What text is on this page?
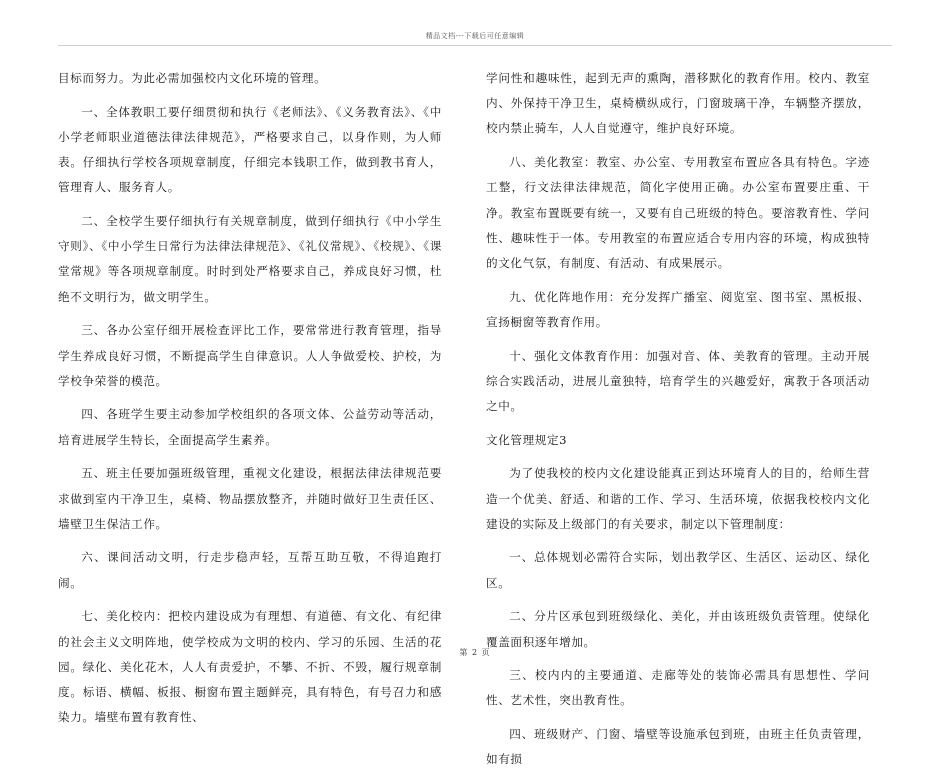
精品文档---下载后可任意编辑

目标而努力。为此必需加强校内文化环境的管理。

一、全体教职工要仔细贯彻和执行《老师法》、《义务教育法》、《中小学老师职业道德法律法律规范》，严格要求自己，以身作则，为人师表。仔细执行学校各项规章制度，仔细完本钱职工作，做到教书育人，管理育人、服务育人。

二、全校学生要仔细执行有关规章制度，做到仔细执行《中小学生守则》、《中小学生日常行为法律法律规范》、《礼仪常规》、《校规》、《课堂常规》等各项规章制度。时时到处严格要求自己，养成良好习惯，杜绝不文明行为，做文明学生。

三、各办公室仔细开展检查评比工作，要常常进行教育管理，指导学生养成良好习惯，不断提高学生自律意识。人人争做爱校、护校，为学校争荣誉的模范。

四、各班学生要主动参加学校组织的各项文体、公益劳动等活动，培育进展学生特长，全面提高学生素养。

五、班主任要加强班级管理，重视文化建设，根据法律法律规范要求做到室内干净卫生，桌椅、物品摆放整齐，并随时做好卫生责任区、墙壁卫生保洁工作。

六、课间活动文明，行走步稳声轻，互帮互助互敬，不得追跑打闹。

七、美化校内：把校内建设成为有理想、有道德、有文化、有纪律的社会主义文明阵地，使学校成为文明的校内、学习的乐园、生活的花园。绿化、美化花木，人人有责爱护，不攀、不折、不毁，履行规章制度。标语、横幅、板报、橱窗布置主题鲜亮，具有特色，有号召力和感染力。墙壁布置有教育性、

学问性和趣味性，起到无声的熏陶，潜移默化的教育作用。校内、教室内、外保持干净卫生，桌椅横纵成行，门窗玻璃干净，车辆整齐摆放，校内禁止骑车，人人自觉遵守，维护良好环境。

八、美化教室：教室、办公室、专用教室布置应各具有特色。字迹工整，行文法律法律规范，简化字使用正确。办公室布置要庄重、干净。教室布置既要有统一，又要有自己班级的特色。要溶教育性、学问性、趣味性于一体。专用教室的布置应适合专用内容的环境，构成独特的文化气氛，有制度、有活动、有成果展示。

九、优化阵地作用：充分发挥广播室、阅览室、图书室、黑板报、宣扬橱窗等教育作用。

十、强化文体教育作用：加强对音、体、美教育的管理。主动开展综合实践活动，进展儿童独特，培育学生的兴趣爱好，寓教于各项活动之中。

文化管理规定3

为了使我校的校内文化建设能真正到达环境育人的目的，给师生营造一个优美、舒适、和谐的工作、学习、生活环境，依据我校校内文化建设的实际及上级部门的有关要求，制定以下管理制度：

一、总体规划必需符合实际，划出教学区、生活区、运动区、绿化区。

二、分片区承包到班级绿化、美化，并由该班级负责管理。使绿化覆盖面积逐年增加。

三、校内内的主要通道、走廊等处的装饰必需具有思想性、学问性、艺术性，突出教育性。

四、班级财产、门窗、墙壁等设施承包到班，由班主任负责管理，如有损

第 2 页
